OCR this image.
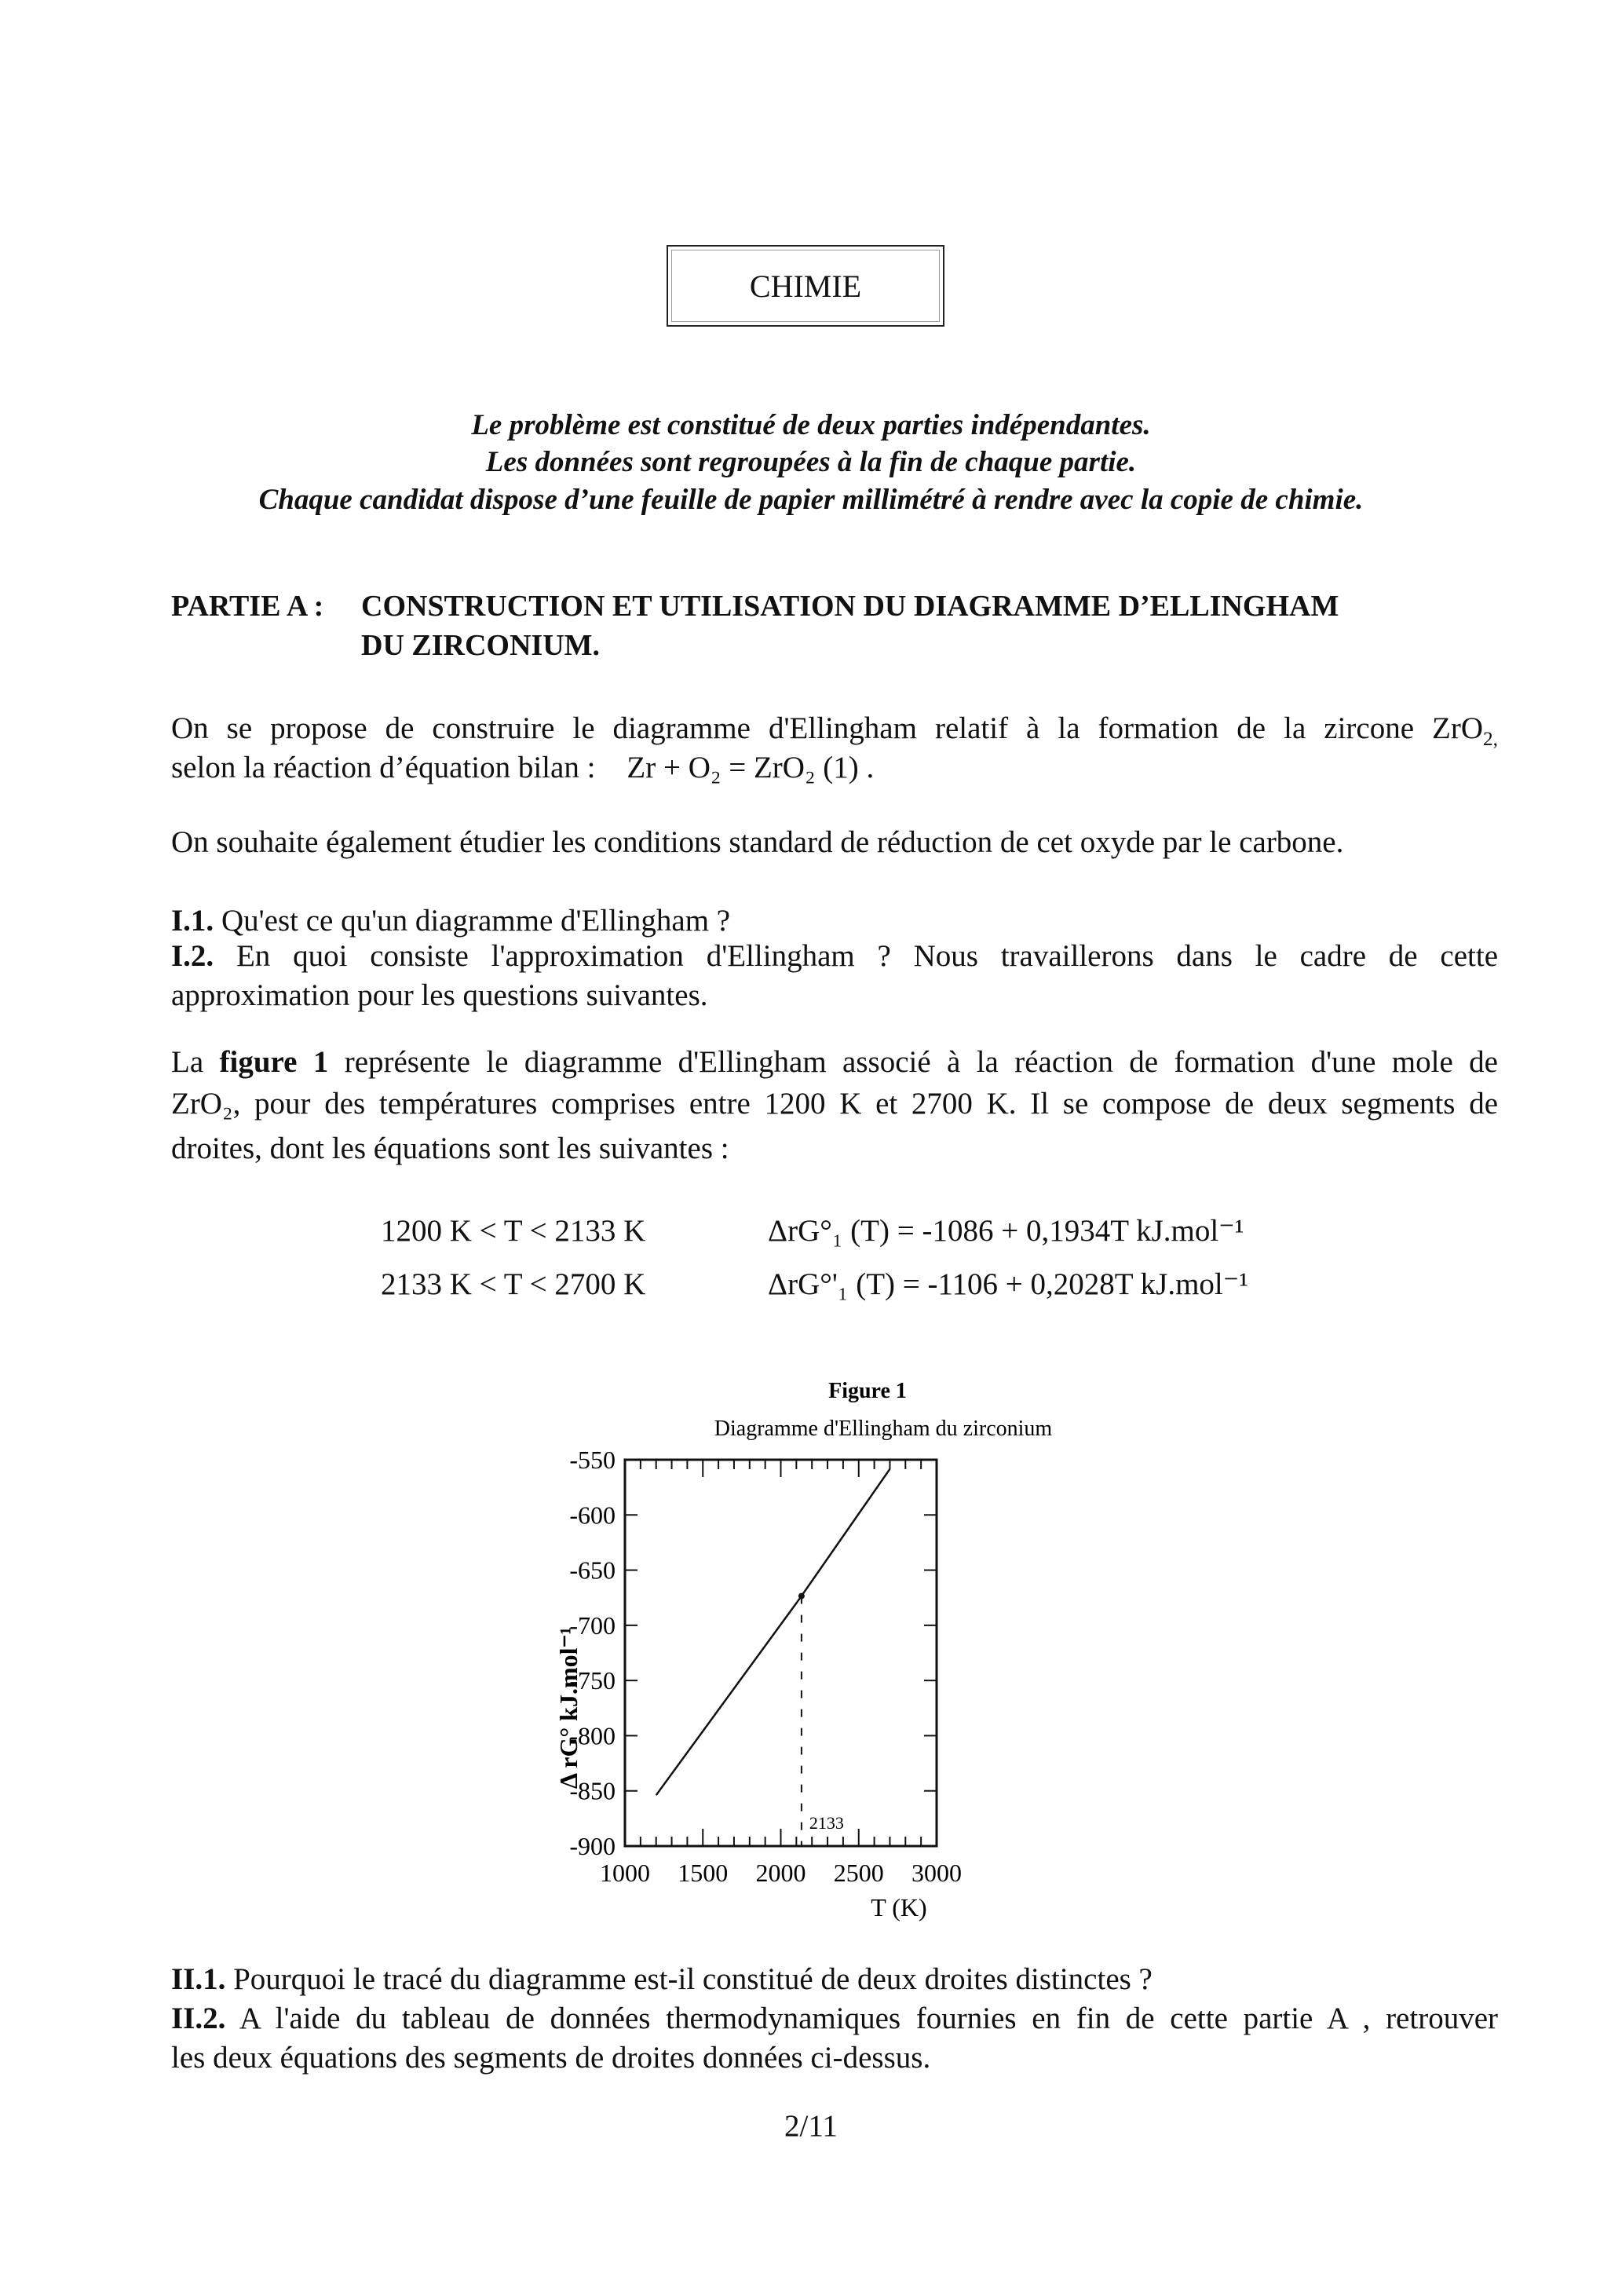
CHIMIE
Le problème est constitué de deux parties indépendantes.
Les données sont regroupées à la fin de chaque partie.
Chaque candidat dispose d’une feuille de papier millimétré à rendre avec la copie de chimie.
PARTIE A : CONSTRUCTION ET UTILISATION DU DIAGRAMME D’ELLINGHAM
DU ZIRCONIUM.
On se propose de construire le diagramme d'Ellingham relatif à la formation de la zircone ZrO$_{2,}$
selon la réaction d’équation bilan : Zr + O₂ = ZrO₂ (1) .
On souhaite également étudier les conditions standard de réduction de cet oxyde par le carbone.
I.1. Qu'est ce qu'un diagramme d'Ellingham ?
I.2. En quoi consiste l'approximation d'Ellingham ? Nous travaillerons dans le cadre de cette
approximation pour les questions suivantes.
La figure 1 représente le diagramme d'Ellingham associé à la réaction de formation d'une mole de
ZrO₂, pour des températures comprises entre 1200 K et 2700 K. Il se compose de deux segments de
droites, dont les équations sont les suivantes :
1200 K < T < 2133 K	ΔrG°₁ (T) = -1086 + 0,1934T kJ.mol⁻¹
2133 K < T < 2700 K	ΔrG°'₁ (T) = -1106 + 0,2028T kJ.mol⁻¹
Figure 1
Diagramme d'Ellingham du zirconium
Δ rG° kJ.mol⁻¹
T (K)
1000 1500 2000 2500 3000
-550
-600
-650
-700
-750
-800
-850
-900
2133
II.1. Pourquoi le tracé du diagramme est-il constitué de deux droites distinctes ?
II.2. A l'aide du tableau de données thermodynamiques fournies en fin de cette partie A , retrouver
les deux équations des segments de droites données ci-dessus.
2/11
